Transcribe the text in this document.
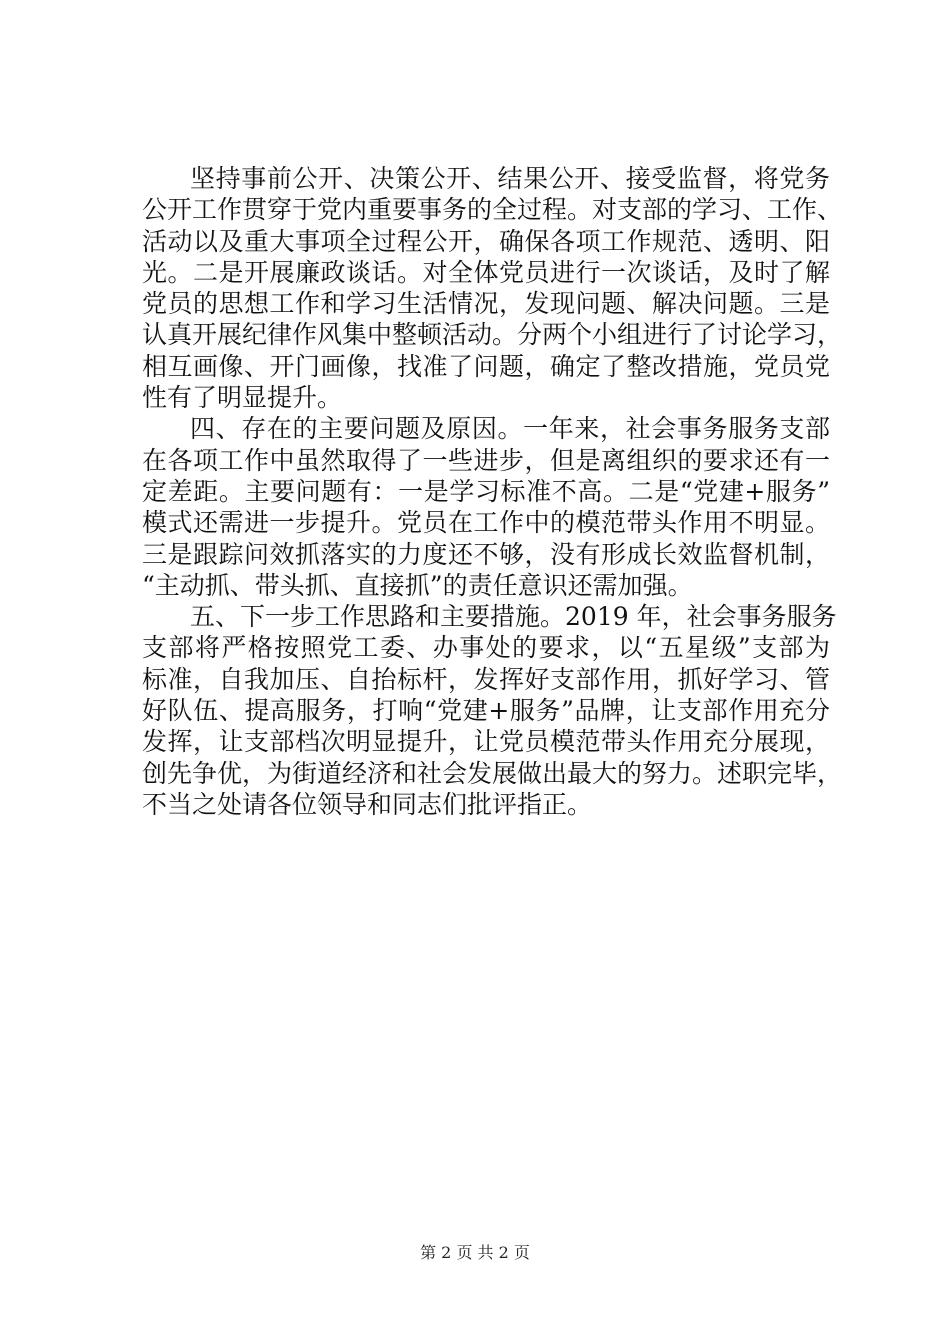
坚持事前公开、决策公开、结果公开、接受监督，将党务
公开工作贯穿于党内重要事务的全过程。对支部的学习、工作、
活动以及重大事项全过程公开，确保各项工作规范、透明、阳
光。二是开展廉政谈话。对全体党员进行一次谈话，及时了解
党员的思想工作和学习生活情况，发现问题、解决问题。三是
认真开展纪律作风集中整顿活动。分两个小组进行了讨论学习，
相互画像、开门画像，找准了问题，确定了整改措施，党员党
性有了明显提升。
四、存在的主要问题及原因。一年来，社会事务服务支部
在各项工作中虽然取得了一些进步，但是离组织的要求还有一
定差距。主要问题有：一是学习标准不高。二是“党建+服务”
模式还需进一步提升。党员在工作中的模范带头作用不明显。
三是跟踪问效抓落实的力度还不够，没有形成长效监督机制，
“主动抓、带头抓、直接抓”的责任意识还需加强。
五、下一步工作思路和主要措施。2019 年，社会事务服务
支部将严格按照党工委、办事处的要求，以“五星级”支部为
标准，自我加压、自抬标杆，发挥好支部作用，抓好学习、管
好队伍、提高服务，打响“党建+服务”品牌，让支部作用充分
发挥，让支部档次明显提升，让党员模范带头作用充分展现，
创先争优，为街道经济和社会发展做出最大的努力。述职完毕，
不当之处请各位领导和同志们批评指正。
第 2 页 共 2 页
